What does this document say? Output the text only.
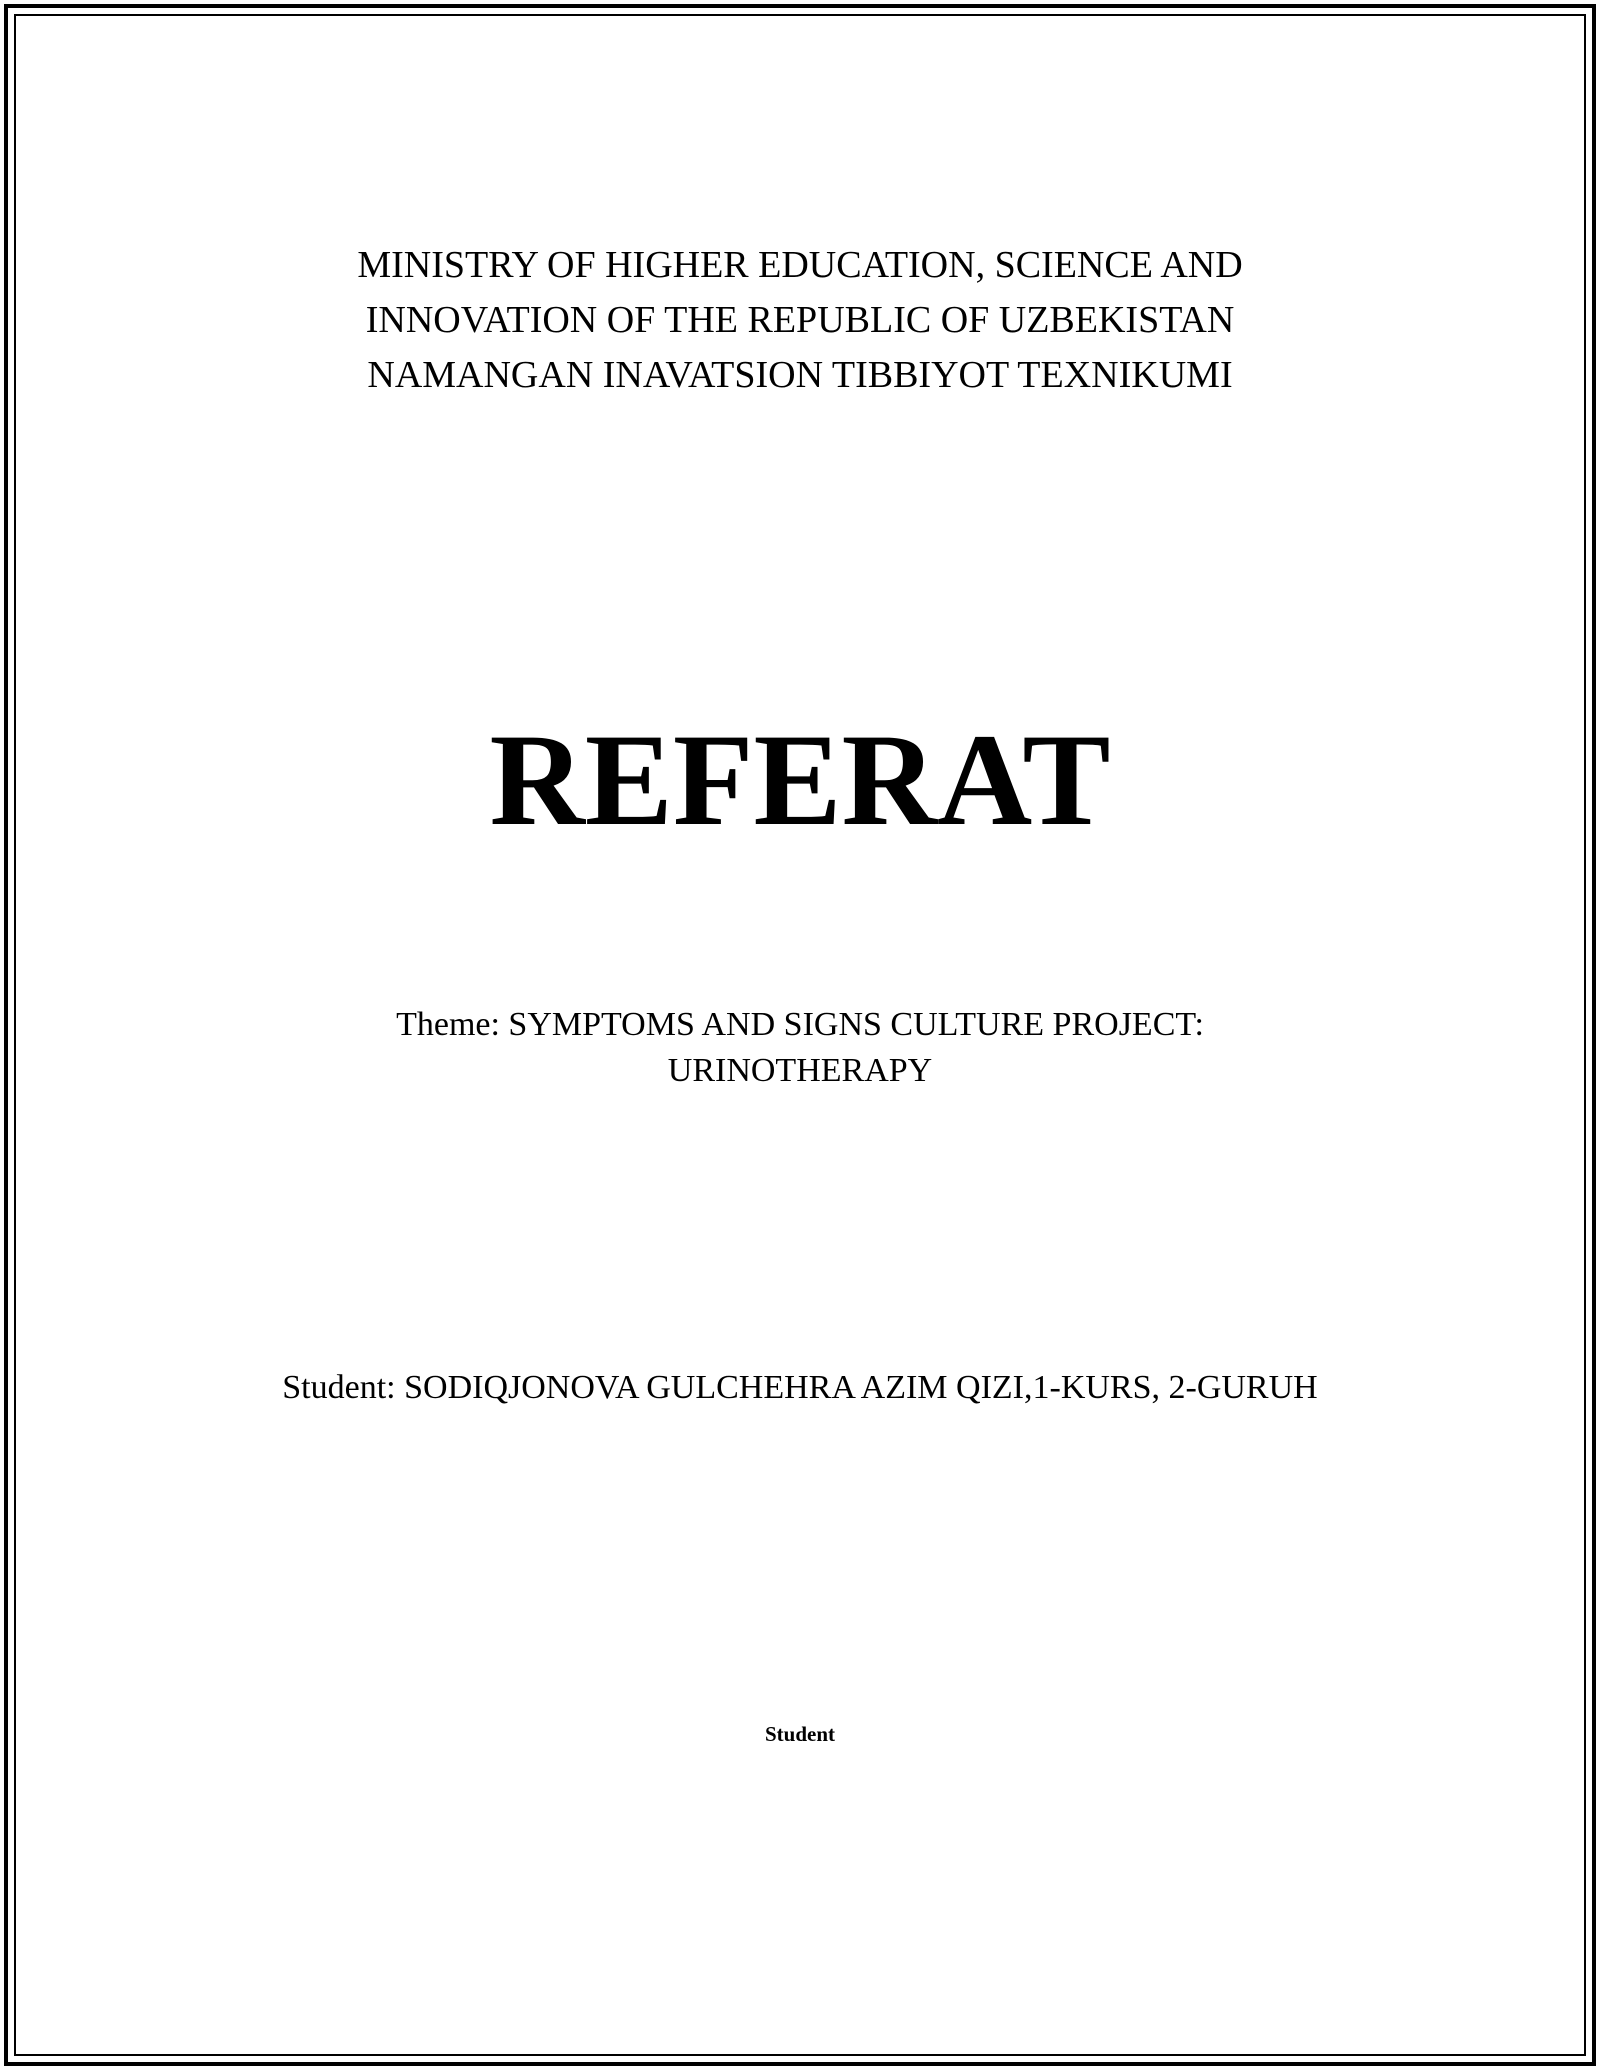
MINISTRY OF HIGHER EDUCATION, SCIENCE AND
INNOVATION OF THE REPUBLIC OF UZBEKISTAN
NAMANGAN INAVATSION TIBBIYOT TEXNIKUMI
REFERAT
Theme: SYMPTOMS AND SIGNS CULTURE PROJECT:
URINOTHERAPY
Student: SODIQJONOVA GULCHEHRA AZIM QIZI,1-KURS, 2-GURUH
Student
